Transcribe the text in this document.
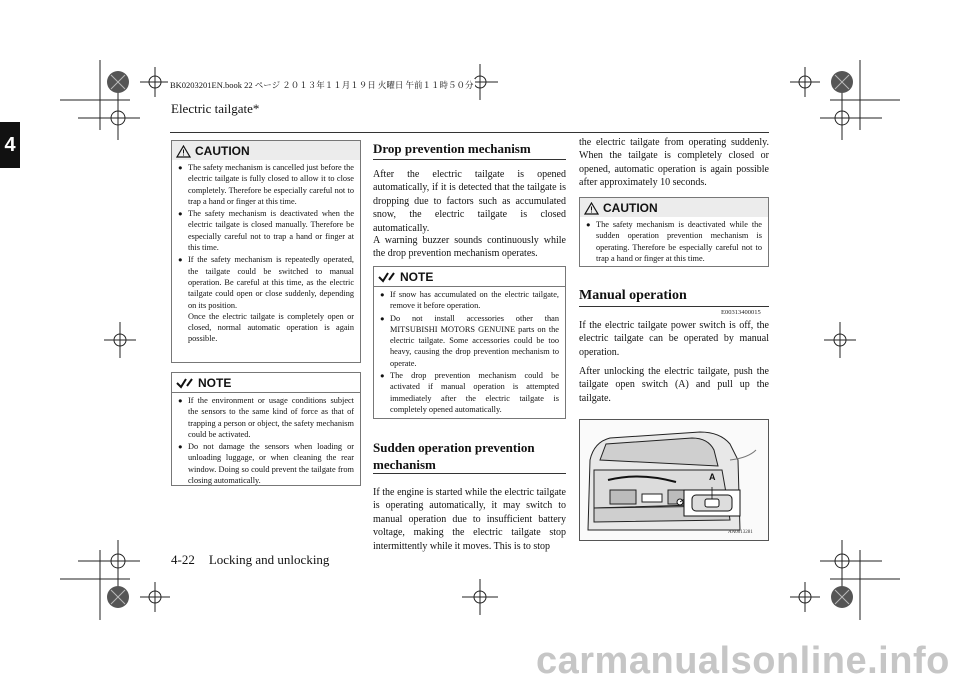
BK0203201EN.book 22 ページ ２０１３年１１月１９日 火曜日 午前１１時５０分
4
Electric tailgate*
4-22 Locking and unlocking
CAUTION
● The safety mechanism is cancelled just before the electric tailgate is fully closed to allow it to close completely. Therefore be especially careful not to trap a hand or finger at this time.
● The safety mechanism is deactivated when the electric tailgate is closed manually. Therefore be especially careful not to trap a hand or finger at this time.
● If the safety mechanism is repeatedly operated, the tailgate could be switched to manual operation. Be careful at this time, as the electric tailgate could open or close suddenly, depending on its position.
Once the electric tailgate is completely open or closed, normal automatic operation is again possible.
NOTE
● If the environment or usage conditions subject the sensors to the same kind of force as that of trapping a person or object, the safety mechanism could be activated.
● Do not damage the sensors when loading or unloading luggage, or when cleaning the rear window. Doing so could prevent the tailgate from closing automatically.
Drop prevention mechanism
After the electric tailgate is opened automatically, if it is detected that the tailgate is dropping due to factors such as accumulated snow, the electric tailgate is closed automatically.
A warning buzzer sounds continuously while the drop prevention mechanism operates.
NOTE
● If snow has accumulated on the electric tailgate, remove it before operation.
● Do not install accessories other than MITSUBISHI MOTORS GENUINE parts on the electric tailgate. Some accessories could be too heavy, causing the drop prevention mechanism to operate.
● The drop prevention mechanism could be activated if manual operation is attempted immediately after the electric tailgate is completely opened automatically.
Sudden operation prevention
mechanism
If the engine is started while the electric tailgate is operating automatically, it may switch to manual operation due to insufficient battery voltage, making the electric tailgate stop intermittently while it moves. This is to stop
the electric tailgate from operating suddenly. When the tailgate is completely closed or opened, automatic operation is again possible after approximately 10 seconds.
CAUTION
● The safety mechanism is deactivated while the sudden operation prevention mechanism is operating. Therefore be especially careful not to trap a hand or finger at this time.
Manual operation
E00313400015
If the electric tailgate power switch is off, the electric tailgate can be operated by manual operation.
After unlocking the electric tailgate, push the tailgate open switch (A) and pull up the tailgate.
A
AA0013281
carmanualsonline.info
